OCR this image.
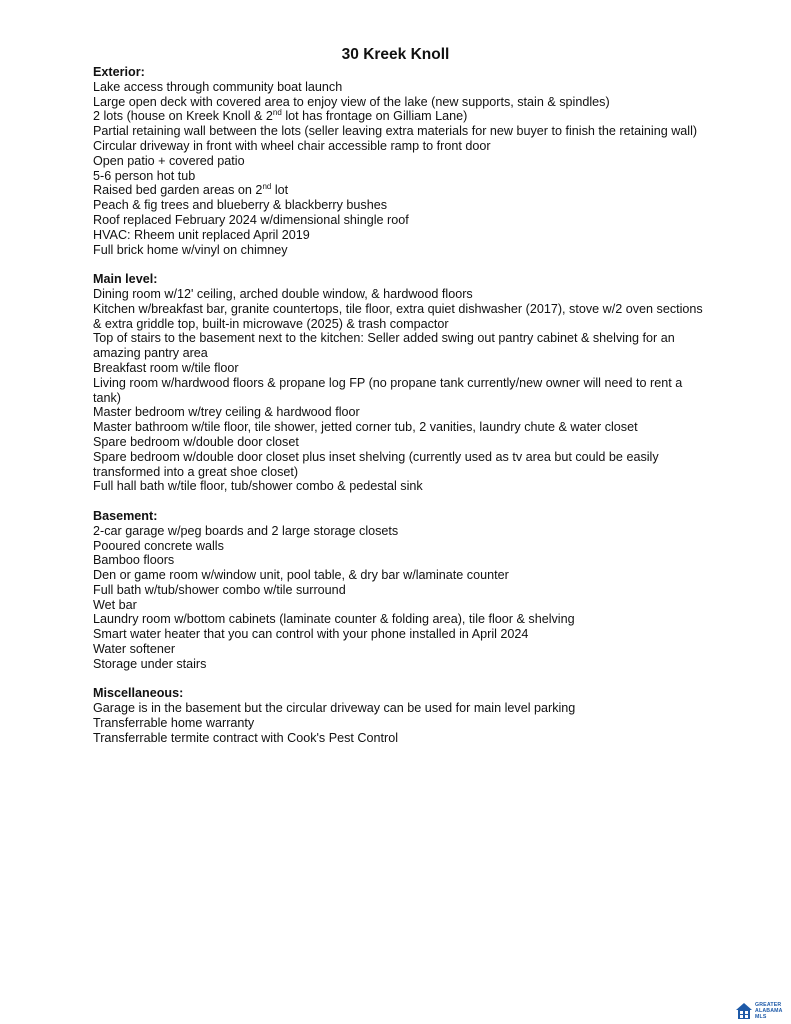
30 Kreek Knoll
Exterior:
Lake access through community boat launch
Large open deck with covered area to enjoy view of the lake (new supports, stain & spindles)
2 lots (house on Kreek Knoll & 2nd lot has frontage on Gilliam Lane)
Partial retaining wall between the lots (seller leaving extra materials for new buyer to finish the retaining wall)
Circular driveway in front with wheel chair accessible ramp to front door
Open patio + covered patio
5-6 person hot tub
Raised bed garden areas on 2nd lot
Peach & fig trees and blueberry & blackberry bushes
Roof replaced February 2024 w/dimensional shingle roof
HVAC: Rheem unit replaced April 2019
Full brick home w/vinyl on chimney
Main level:
Dining room w/12' ceiling, arched double window, & hardwood floors
Kitchen w/breakfast bar, granite countertops, tile floor, extra quiet dishwasher (2017), stove w/2 oven sections & extra griddle top, built-in microwave (2025) & trash compactor
Top of stairs to the basement next to the kitchen: Seller added swing out pantry cabinet & shelving for an amazing pantry area
Breakfast room w/tile floor
Living room w/hardwood floors & propane log FP (no propane tank currently/new owner will need to rent a tank)
Master bedroom w/trey ceiling & hardwood floor
Master bathroom w/tile floor, tile shower, jetted corner tub, 2 vanities, laundry chute & water closet
Spare bedroom w/double door closet
Spare bedroom w/double door closet plus inset shelving (currently used as tv area but could be easily transformed into a great shoe closet)
Full hall bath w/tile floor, tub/shower combo & pedestal sink
Basement:
2-car garage w/peg boards and 2 large storage closets
Pooured concrete walls
Bamboo floors
Den or game room w/window unit, pool table, & dry bar w/laminate counter
Full bath w/tub/shower combo w/tile surround
Wet bar
Laundry room w/bottom cabinets (laminate counter & folding area), tile floor & shelving
Smart water heater that you can control with your phone installed in April 2024
Water softener
Storage under stairs
Miscellaneous:
Garage is in the basement but the circular driveway can be used for main level parking
Transferrable home warranty
Transferrable termite contract with Cook's Pest Control
GREATER
ALABAMA
MLS
